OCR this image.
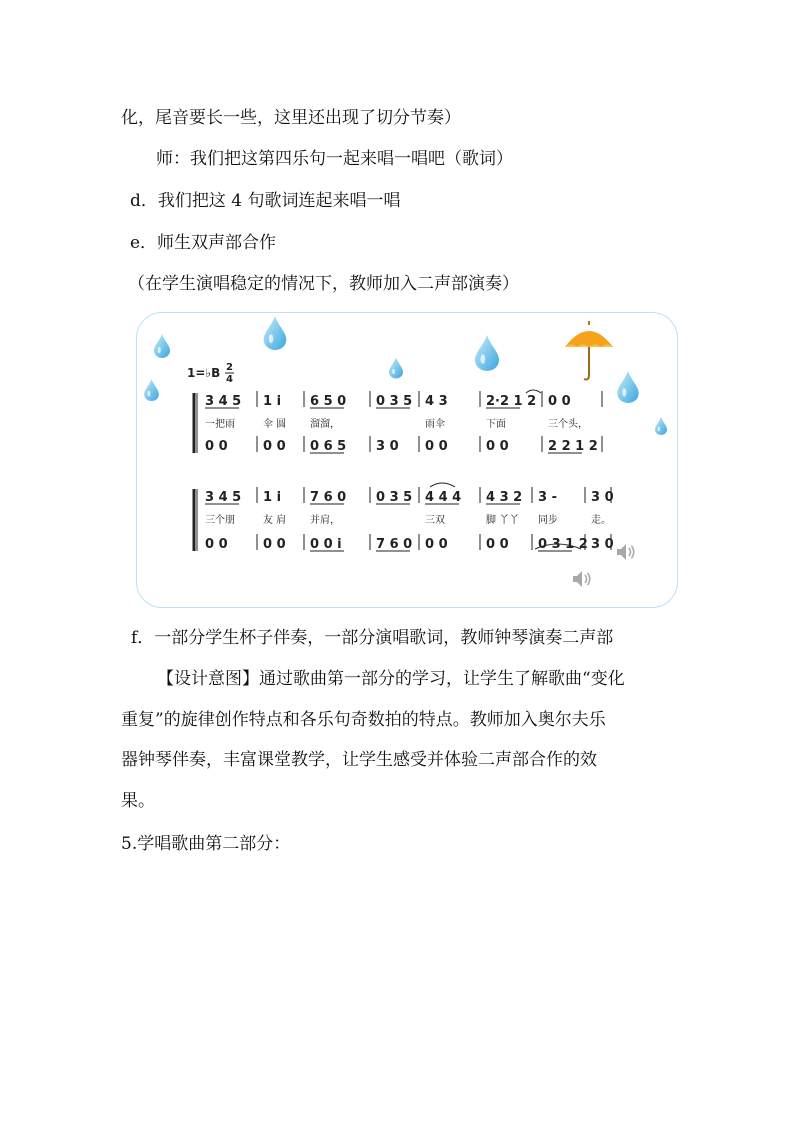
化，尾音要长一些，这里还出现了切分节奏）
师：我们把这第四乐句一起来唱一唱吧（歌词）
d．我们把这 4 句歌词连起来唱一唱
e．师生双声部合作
（在学生演唱稳定的情况下，教师加入二声部演奏）
1=♭B 2
4
3 4 5
一把雨
0 0
1 i
伞 圆
0 0
6 5 0
溜溜，
0 6 5
0 3 5
3 0
4 3
雨伞
0 0
2·2 1 2
下面
0 0
0 0
三个头，
2 2 1 2
3 4 5
三个朋
0 0
1 i
友 肩
0 0
7 6 0
并肩，
0 0 i
0 3 5
7 6 0
4 4 4
三双
0 0
4 3 2
脚 丫丫
0 0
3 -
同步
0 3 1 2
3 0
走。
3 0
f．一部分学生杯子伴奏，一部分演唱歌词，教师钟琴演奏二声部
【设计意图】通过歌曲第一部分的学习，让学生了解歌曲“变化
重复”的旋律创作特点和各乐句奇数拍的特点。教师加入奥尔夫乐
器钟琴伴奏，丰富课堂教学，让学生感受并体验二声部合作的效
果。
5.学唱歌曲第二部分：
